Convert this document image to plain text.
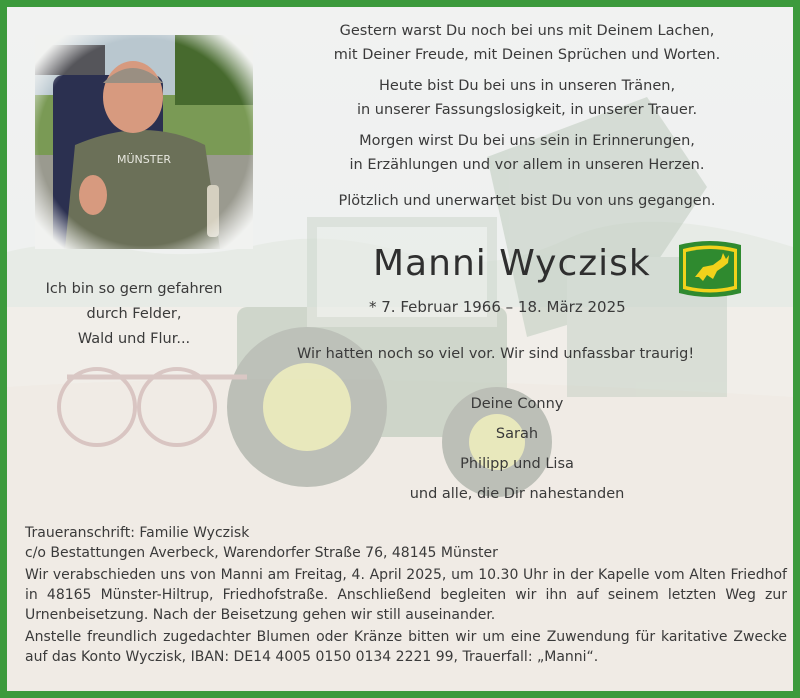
Gestern warst Du noch bei uns mit Deinem Lachen,
mit Deiner Freude, mit Deinen Sprüchen und Worten.

Heute bist Du bei uns in unseren Tränen,
in unserer Fassungslosigkeit, in unserer Trauer.

Morgen wirst Du bei uns sein in Erinnerungen,
in Erzählungen und vor allem in unseren Herzen.

Plötzlich und unerwartet bist Du von uns gegangen.
Manni Wyczisk
* 7. Februar 1966 – 18. März 2025
Ich bin so gern gefahren
durch Felder,
Wald und Flur...
Wir hatten noch so viel vor. Wir sind unfassbar traurig!
Deine Conny
Sarah
Philipp und Lisa
und alle, die Dir nahestanden

Traueranschrift: Familie Wyczisk
c/o Bestattungen Averbeck, Warendorfer Straße 76, 48145 Münster

Wir verabschieden uns von Manni am Freitag, 4. April 2025, um 10.30 Uhr in der Kapelle vom Alten Friedhof in 48165 Münster-Hiltrup, Friedhofstraße. Anschließend begleiten wir ihn auf seinem letzten Weg zur Urnenbeisetzung. Nach der Beisetzung gehen wir still auseinander.

Anstelle freundlich zugedachter Blumen oder Kränze bitten wir um eine Zuwendung für karitative Zwecke auf das Konto Wyczisk, IBAN: DE14 4005 0150 0134 2221 99, Trauerfall: „Manni“.
